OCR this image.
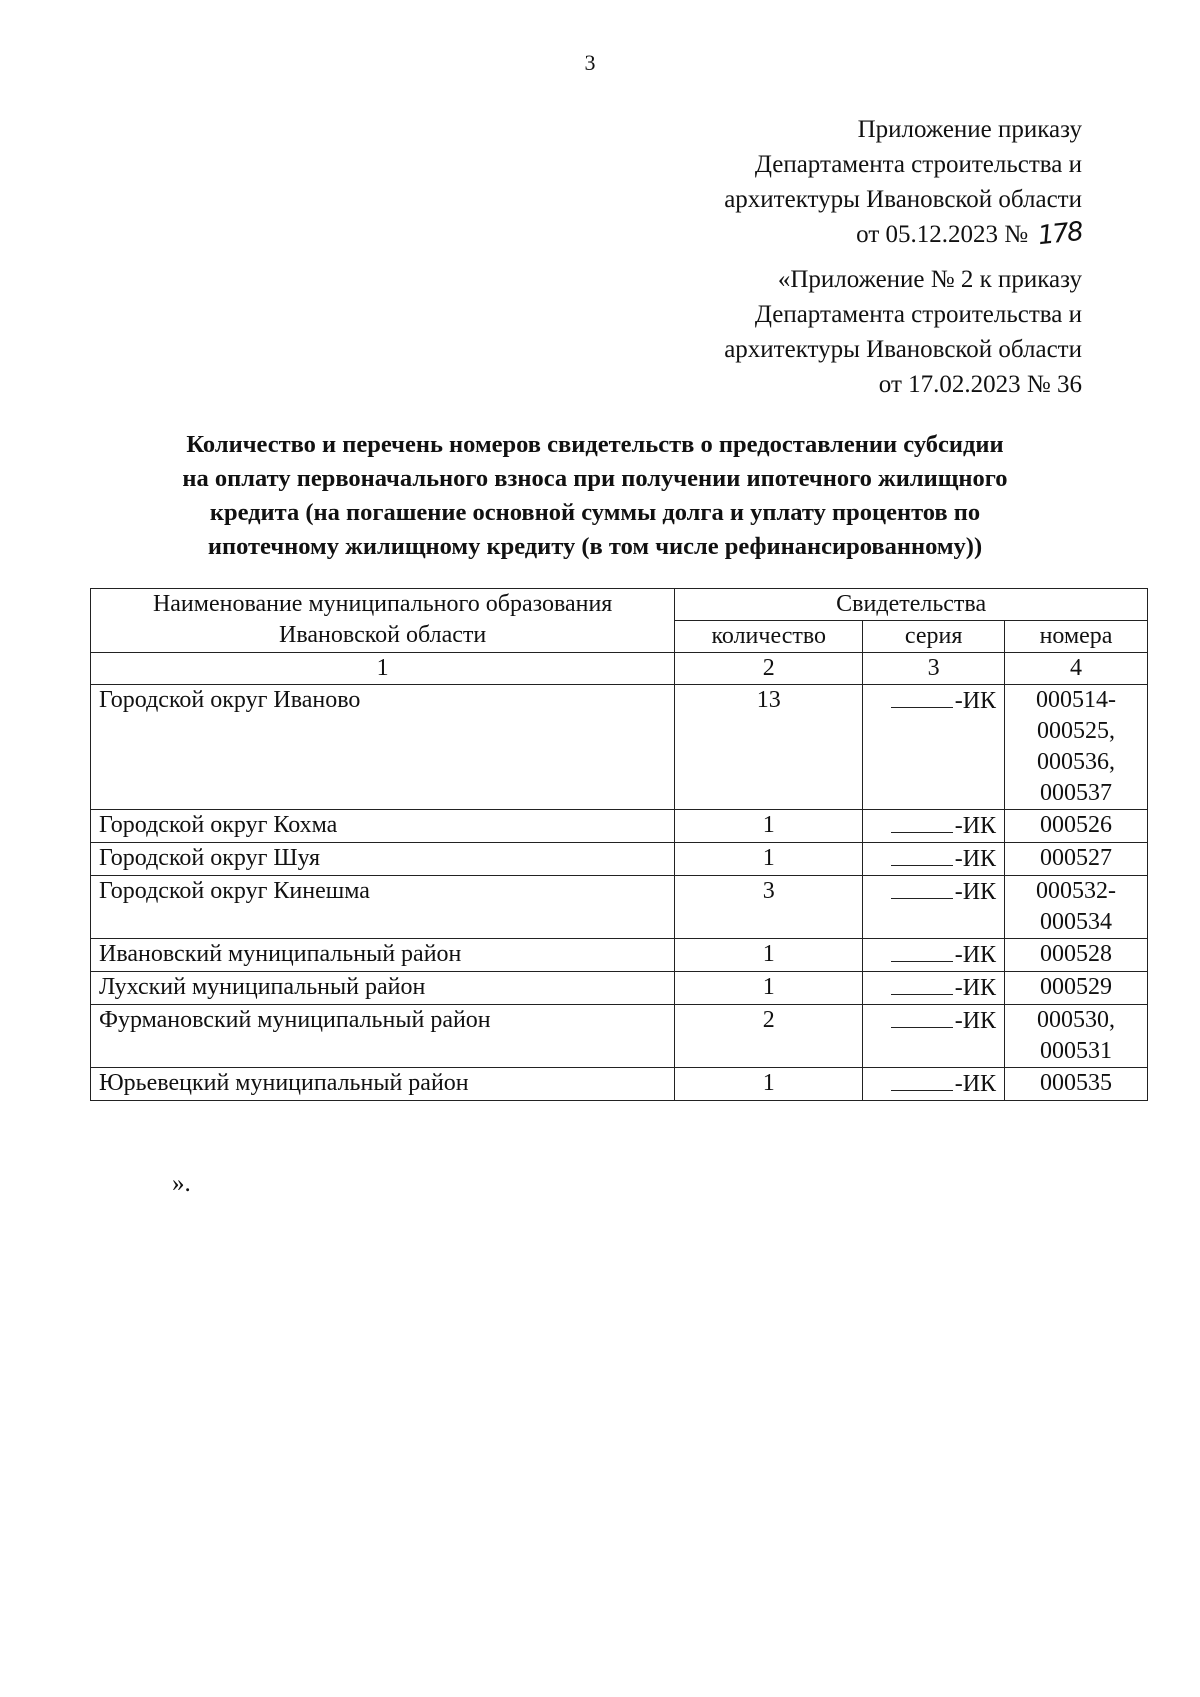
3
Приложение приказу
Департамента строительства и
архитектуры Ивановской области
от 05.12.2023 № 178
«Приложение № 2 к приказу
Департамента строительства и
архитектуры Ивановской области
от 17.02.2023 № 36
Количество и перечень номеров свидетельств о предоставлении субсидии
на оплату первоначального взноса при получении ипотечного жилищного
кредита (на погашение основной суммы долга и уплату процентов по
ипотечному жилищному кредиту (в том числе рефинансированному))
Наименование муниципального образования
Ивановской области	Свидетельства		
	количество	серия	номера
1	2	3	4
Городской округ Иваново	13	-ИК	000514-
000525,
000536,
000537

Городской округ Кохма	1	-ИК	000526

Городской округ Шуя	1	-ИК	000527

Городской округ Кинешма	3	-ИК	000532-
000534

Ивановский муниципальный район	1	-ИК	000528

Лухский муниципальный район	1	-ИК	000529

Фурмановский муниципальный район	2	-ИК	000530,
000531

Юрьевецкий муниципальный район	1	-ИК	000535
».
